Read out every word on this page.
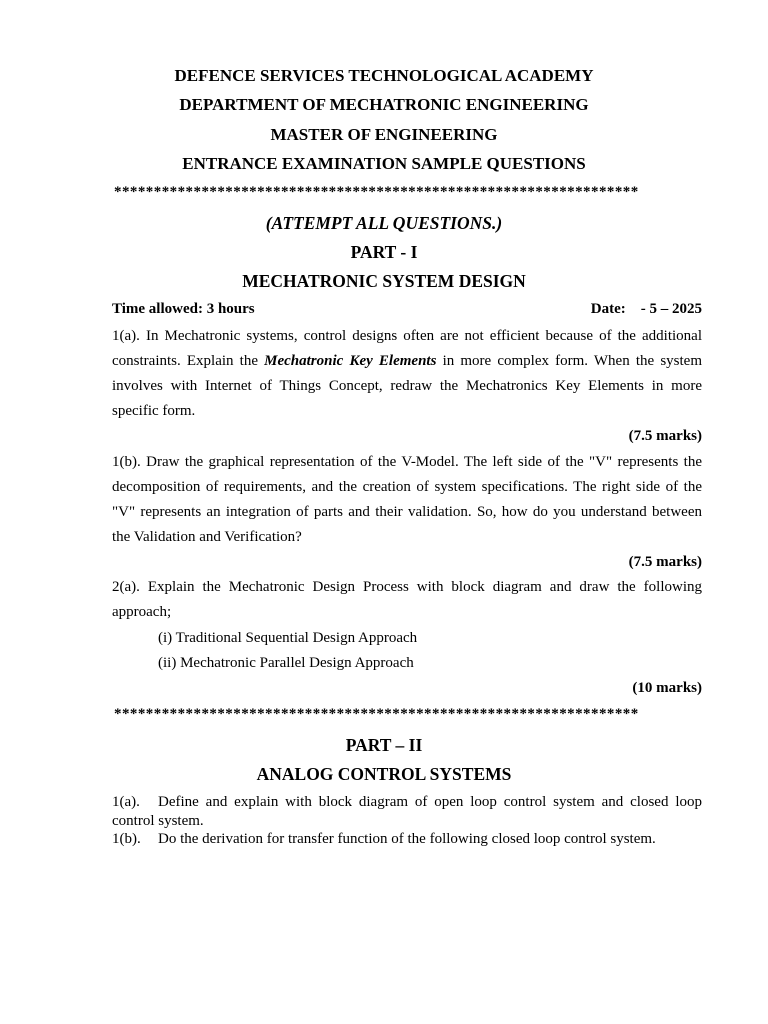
DEFENCE SERVICES TECHNOLOGICAL ACADEMY
DEPARTMENT OF MECHATRONIC ENGINEERING
MASTER OF ENGINEERING
ENTRANCE EXAMINATION SAMPLE QUESTIONS
******************************************************************
(ATTEMPT ALL QUESTIONS.)
PART - I
MECHATRONIC SYSTEM DESIGN
Time allowed: 3 hours	Date:    - 5 – 2025
1(a). In Mechatronic systems, control designs often are not efficient because of the additional
constraints. Explain the Mechatronic Key Elements in more complex form. When the system
involves with Internet of Things Concept, redraw the Mechatronics Key Elements in more
specific form.
(7.5 marks)
1(b). Draw the graphical representation of the V-Model. The left side of the "V" represents the
decomposition of requirements, and the creation of system specifications. The right side of the
"V" represents an integration of parts and their validation. So, how do you understand between
the Validation and Verification?
(7.5 marks)
2(a). Explain the Mechatronic Design Process with block diagram and draw the following
approach;
(i) Traditional Sequential Design Approach
(ii) Mechatronic Parallel Design Approach
(10 marks)
******************************************************************
PART – II
ANALOG CONTROL SYSTEMS
1(a). Define and explain with block diagram of open loop control system and closed loop
control system.
1(b). Do the derivation for transfer function of the following closed loop control system.
